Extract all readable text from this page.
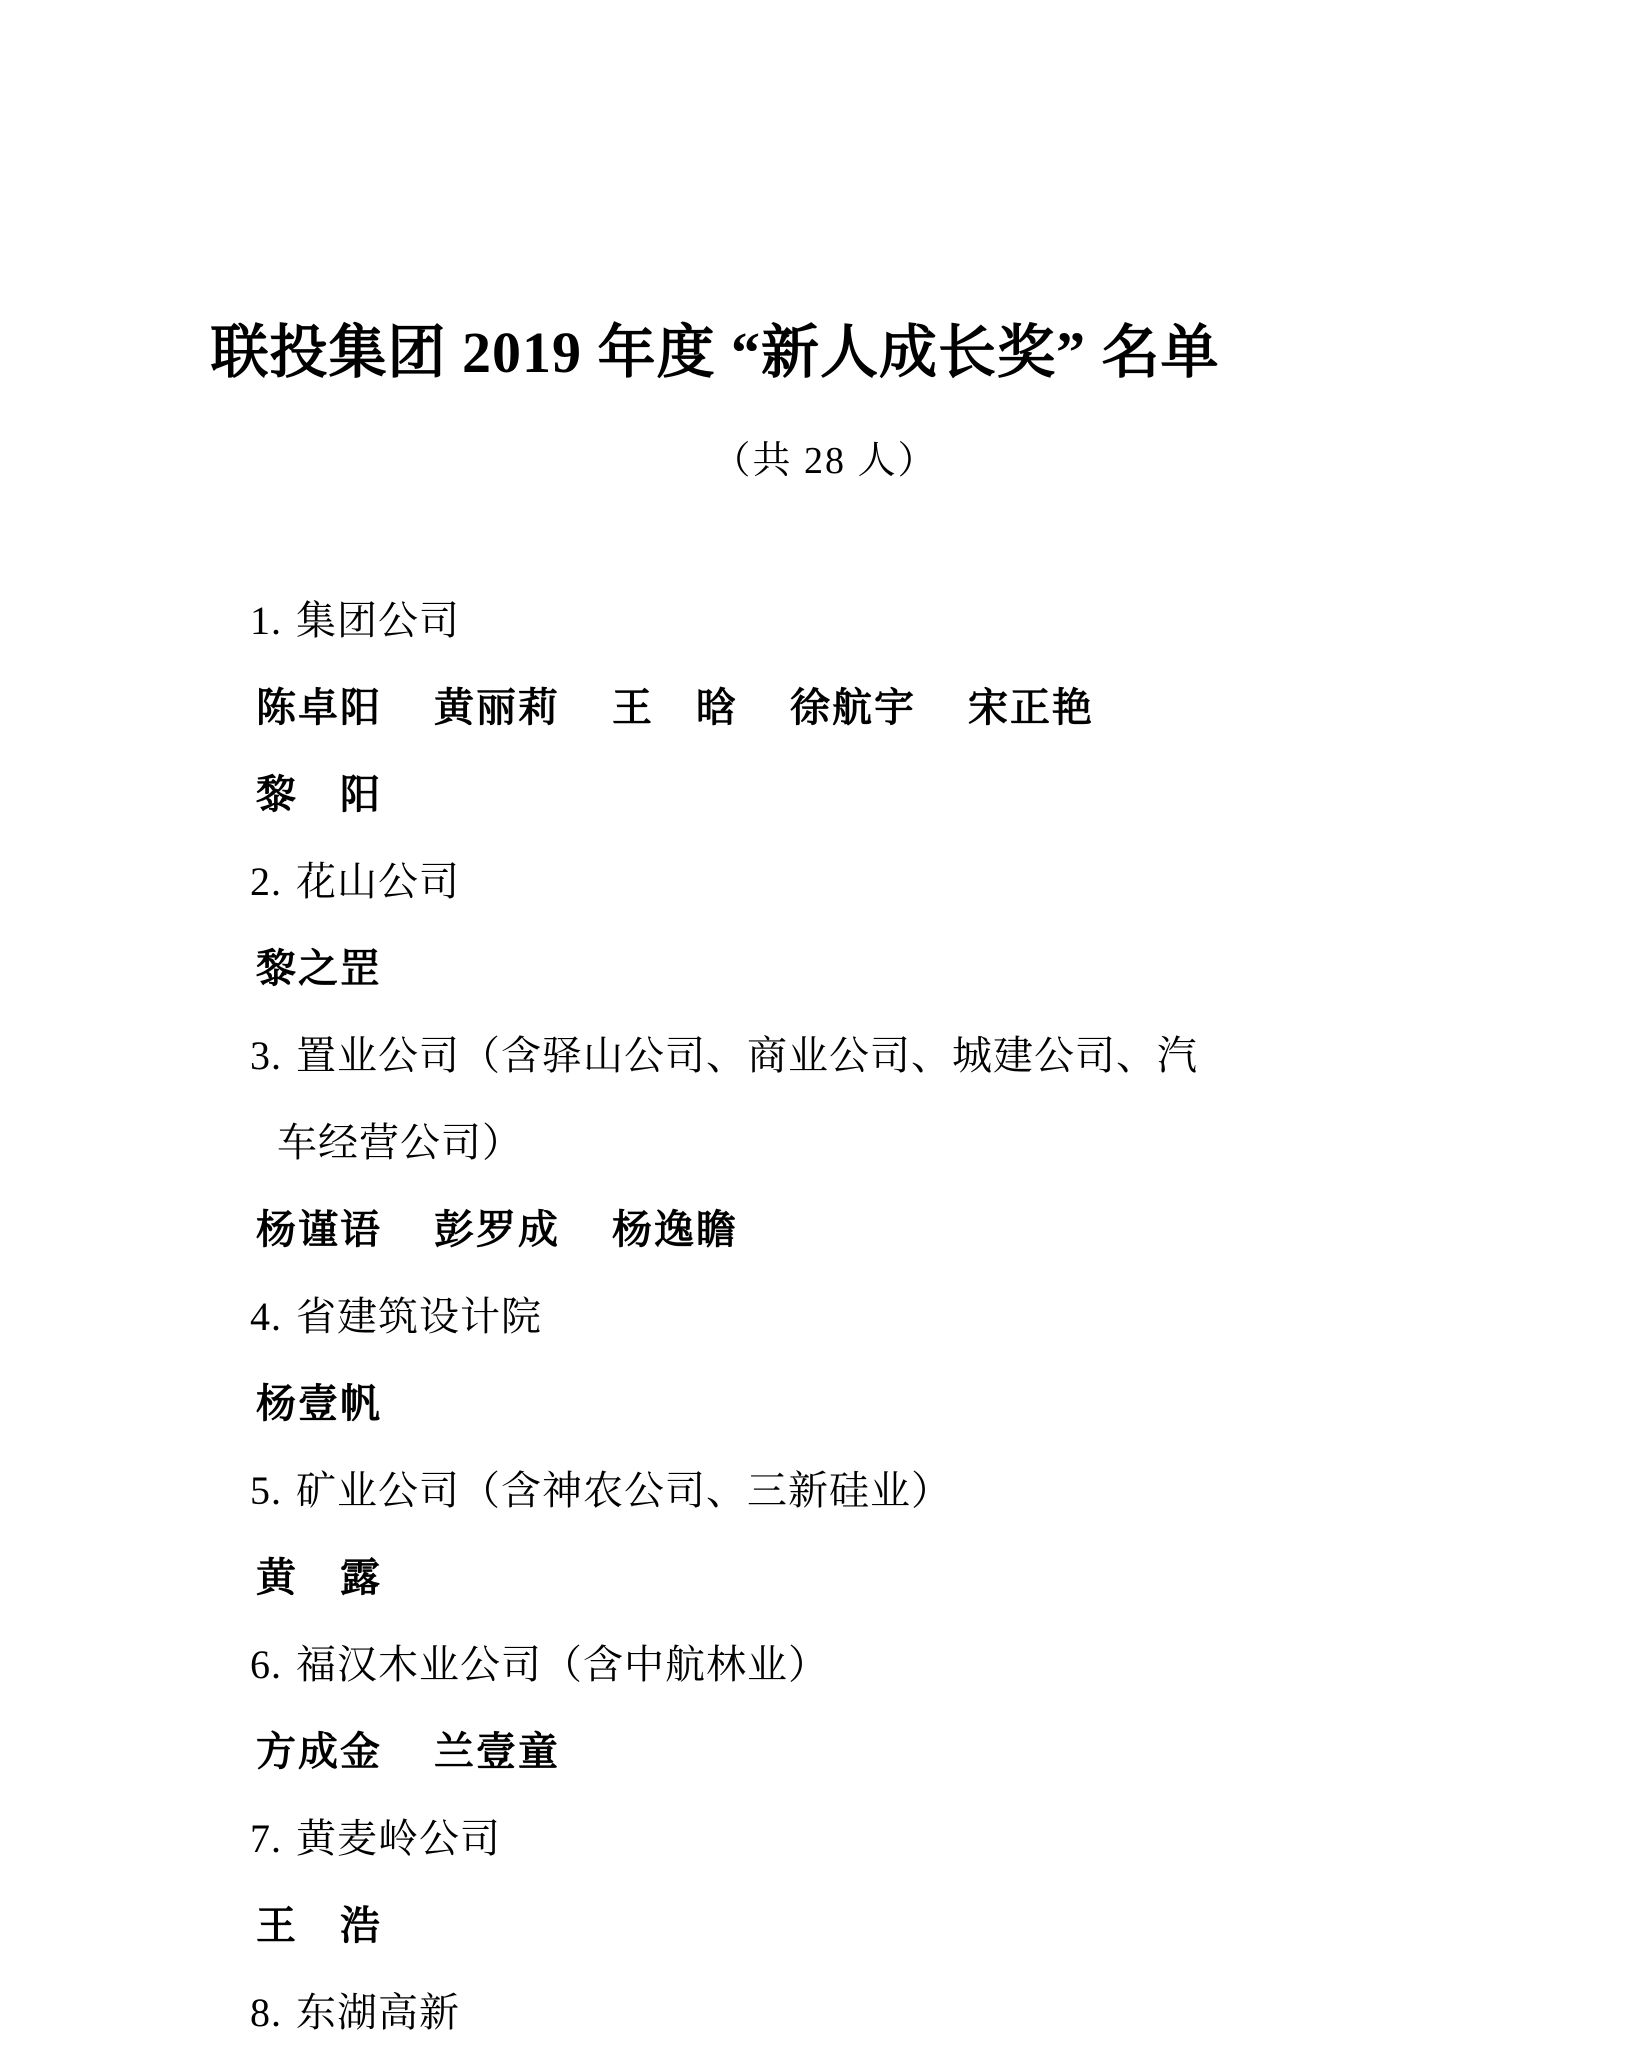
联投集团 2019 年度 “新人成长奖” 名单
（共 28 人）
1. 集团公司
陈卓阳 黄丽莉 王　晗 徐航宇 宋正艳
黎　阳
2. 花山公司
黎之罡
3. 置业公司（含驿山公司、商业公司、城建公司、汽车经营公司）
杨谨语 彭罗成 杨逸瞻
4. 省建筑设计院
杨壹帆
5. 矿业公司（含神农公司、三新硅业）
黄　露
6. 福汉木业公司（含中航林业）
方成金 兰壹童
7. 黄麦岭公司
王　浩
8. 东湖高新
